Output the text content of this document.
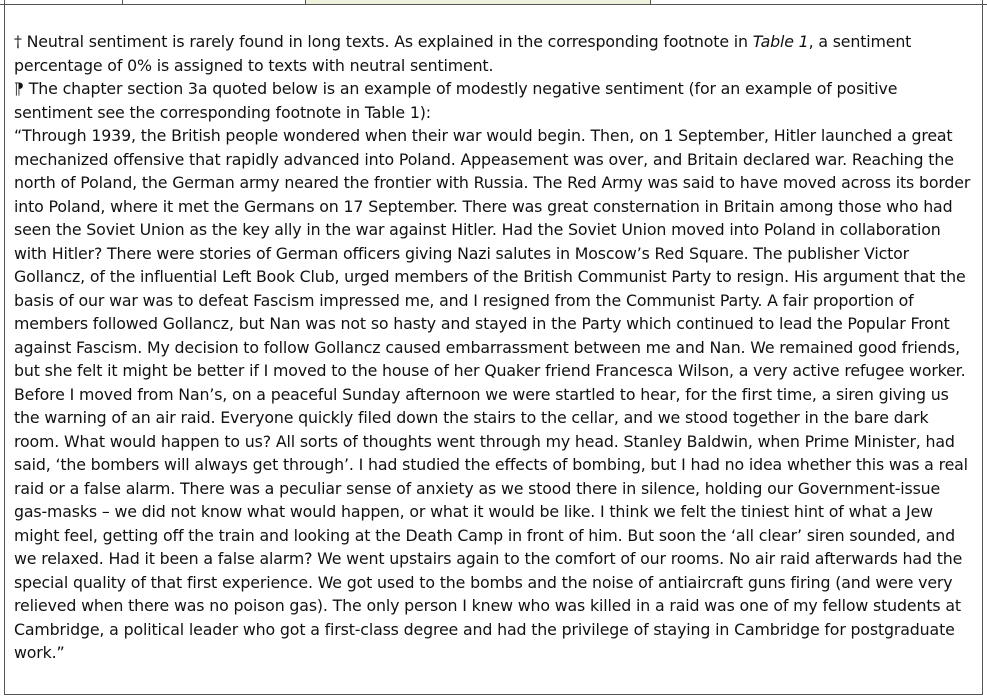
† Neutral sentiment is rarely found in long texts. As explained in the corresponding footnote in Table 1, a sentiment percentage of 0% is assigned to texts with neutral sentiment.

⁋ The chapter section 3a quoted below is an example of modestly negative sentiment (for an example of positive sentiment see the corresponding footnote in Table 1):

“Through 1939, the British people wondered when their war would begin. Then, on 1 September, Hitler launched a great mechanized offensive that rapidly advanced into Poland. Appeasement was over, and Britain declared war. Reaching the north of Poland, the German army neared the frontier with Russia. The Red Army was said to have moved across its border into Poland, where it met the Germans on 17 September. There was great consternation in Britain among those who had seen the Soviet Union as the key ally in the war against Hitler. Had the Soviet Union moved into Poland in collaboration with Hitler? There were stories of German officers giving Nazi salutes in Moscow’s Red Square. The publisher Victor Gollancz, of the influential Left Book Club, urged members of the British Communist Party to resign. His argument that the basis of our war was to defeat Fascism impressed me, and I resigned from the Communist Party. A fair proportion of members followed Gollancz, but Nan was not so hasty and stayed in the Party which continued to lead the Popular Front against Fascism. My decision to follow Gollancz caused embarrassment between me and Nan. We remained good friends, but she felt it might be better if I moved to the house of her Quaker friend Francesca Wilson, a very active refugee worker. Before I moved from Nan’s, on a peaceful Sunday afternoon we were startled to hear, for the first time, a siren giving us the warning of an air raid. Everyone quickly filed down the stairs to the cellar, and we stood together in the bare dark room. What would happen to us? All sorts of thoughts went through my head. Stanley Baldwin, when Prime Minister, had said, ‘the bombers will always get through’. I had studied the effects of bombing, but I had no idea whether this was a real raid or a false alarm. There was a peculiar sense of anxiety as we stood there in silence, holding our Government-issue gas-masks – we did not know what would happen, or what it would be like. I think we felt the tiniest hint of what a Jew might feel, getting off the train and looking at the Death Camp in front of him. But soon the ‘all clear’ siren sounded, and we relaxed. Had it been a false alarm? We went upstairs again to the comfort of our rooms. No air raid afterwards had the special quality of that first experience. We got used to the bombs and the noise of antiaircraft guns firing (and were very relieved when there was no poison gas). The only person I knew who was killed in a raid was one of my fellow students at Cambridge, a political leader who got a first-class degree and had the privilege of staying in Cambridge for postgraduate work.”
